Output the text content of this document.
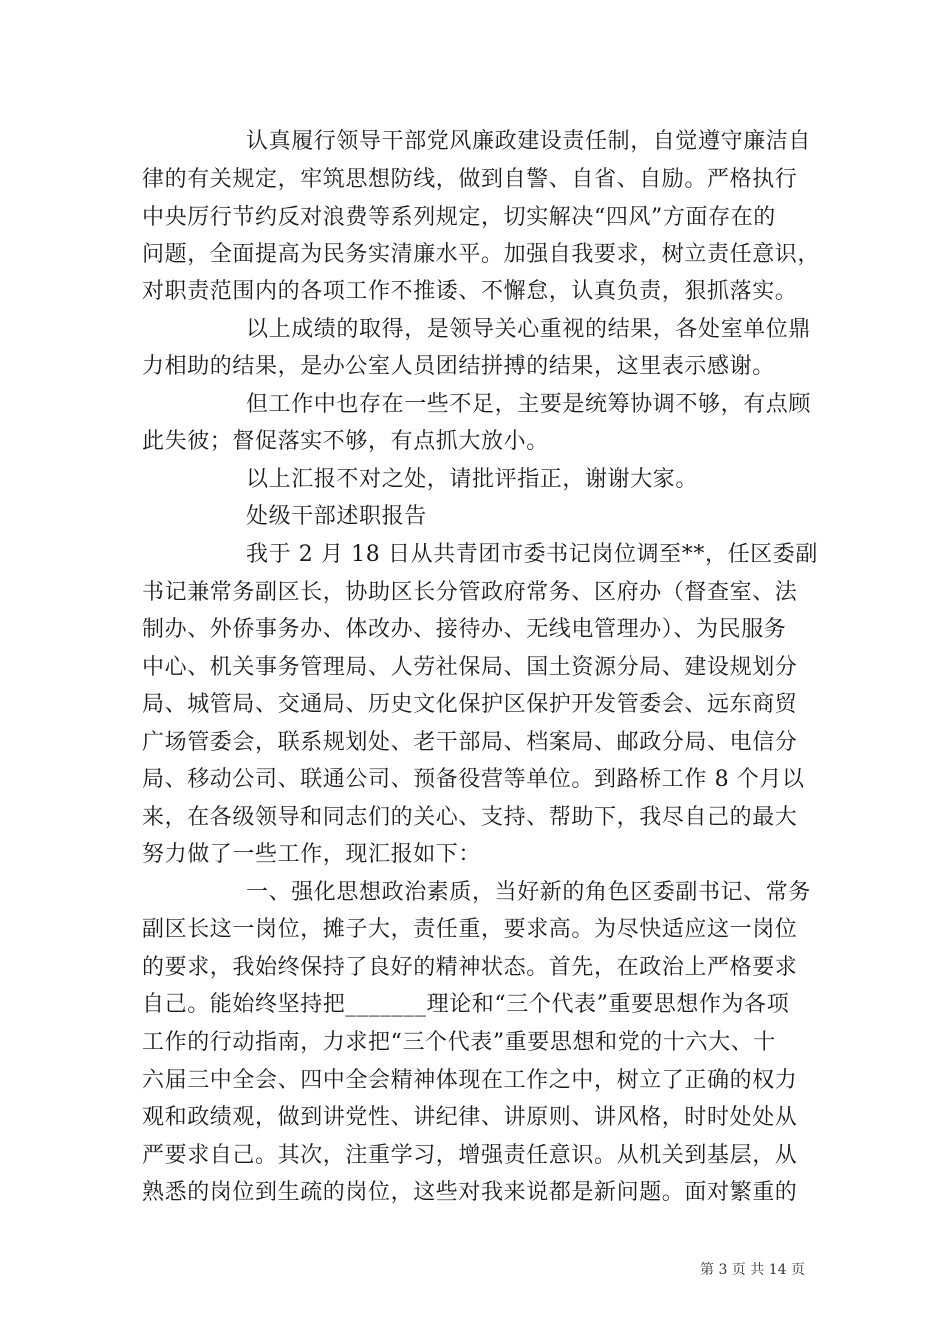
认真履行领导干部党风廉政建设责任制，自觉遵守廉洁自
律的有关规定，牢筑思想防线，做到自警、自省、自励。严格执行
中央厉行节约反对浪费等系列规定，切实解决“四风”方面存在的
问题，全面提高为民务实清廉水平。加强自我要求，树立责任意识，
对职责范围内的各项工作不推诿、不懈怠，认真负责，狠抓落实。
以上成绩的取得，是领导关心重视的结果，各处室单位鼎
力相助的结果，是办公室人员团结拼搏的结果，这里表示感谢。
但工作中也存在一些不足，主要是统筹协调不够，有点顾
此失彼；督促落实不够，有点抓大放小。
以上汇报不对之处，请批评指正，谢谢大家。
处级干部述职报告
我于 2 月 18 日从共青团市委书记岗位调至**，任区委副
书记兼常务副区长，协助区长分管政府常务、区府办（督查室、法
制办、外侨事务办、体改办、接待办、无线电管理办）、为民服务
中心、机关事务管理局、人劳社保局、国土资源分局、建设规划分
局、城管局、交通局、历史文化保护区保护开发管委会、远东商贸
广场管委会，联系规划处、老干部局、档案局、邮政分局、电信分
局、移动公司、联通公司、预备役营等单位。到路桥工作 8 个月以
来，在各级领导和同志们的关心、支持、帮助下，我尽自己的最大
努力做了一些工作，现汇报如下：
一、强化思想政治素质，当好新的角色区委副书记、常务
副区长这一岗位，摊子大，责任重，要求高。为尽快适应这一岗位
的要求，我始终保持了良好的精神状态。首先，在政治上严格要求
自己。能始终坚持把_______理论和“三个代表”重要思想作为各项
工作的行动指南，力求把“三个代表”重要思想和党的十六大、十
六届三中全会、四中全会精神体现在工作之中，树立了正确的权力
观和政绩观，做到讲党性、讲纪律、讲原则、讲风格，时时处处从
严要求自己。其次，注重学习，增强责任意识。从机关到基层，从
熟悉的岗位到生疏的岗位，这些对我来说都是新问题。面对繁重的
第 3 页 共 14 页
